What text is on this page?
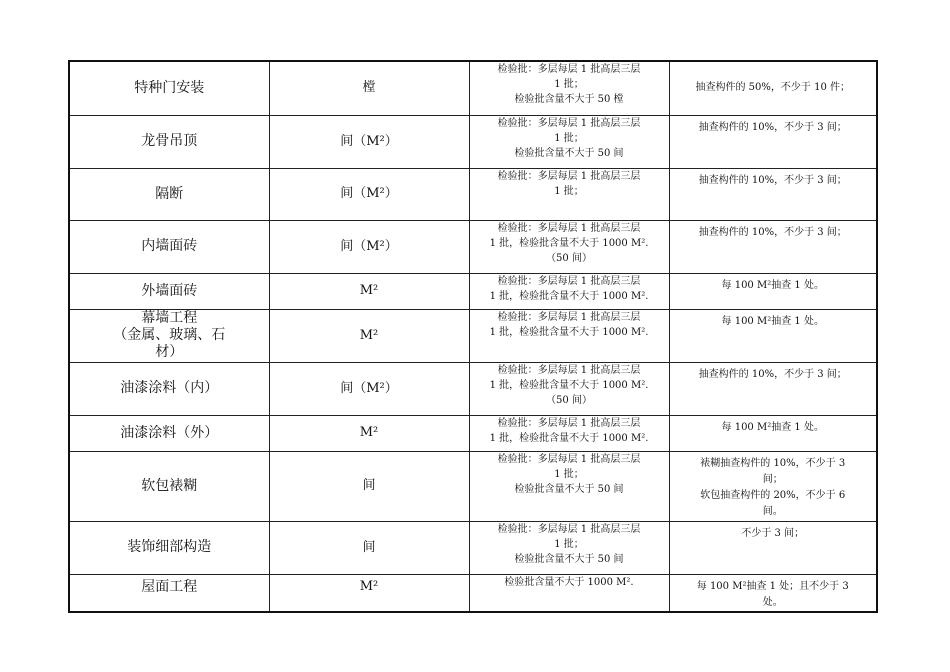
特种门安装	樘	检验批：多层每层 1 批高层三层
1 批；
检验批含量不大于 50 樘	抽查构件的 50%，不少于 10 件；

龙骨吊顶	间（M²）	检验批：多层每层 1 批高层三层
1 批；
检验批含量不大于 50 间	抽查构件的 10%，不少于 3 间；

隔断	间（M²）	检验批：多层每层 1 批高层三层
1 批；	抽查构件的 10%，不少于 3 间；

内墙面砖	间（M²）	检验批：多层每层 1 批高层三层
1 批，检验批含量不大于 1000 M².
（50 间）	抽查构件的 10%，不少于 3 间；

外墙面砖	M²	检验批：多层每层 1 批高层三层
1 批，检验批含量不大于 1000 M².	每 100 M²抽查 1 处。

幕墙工程
（金属、玻璃、石
材）	M²	检验批：多层每层 1 批高层三层
1 批，检验批含量不大于 1000 M².	每 100 M²抽查 1 处。

油漆涂料（内）	间（M²）	检验批：多层每层 1 批高层三层
1 批，检验批含量不大于 1000 M².
（50 间）	抽查构件的 10%，不少于 3 间；

油漆涂料（外）	M²	检验批：多层每层 1 批高层三层
1 批，检验批含量不大于 1000 M².	每 100 M²抽查 1 处。

软包裱糊	间	检验批：多层每层 1 批高层三层
1 批；
检验批含量不大于 50 间	裱糊抽查构件的 10%，不少于 3
间；
软包抽查构件的 20%，不少于 6
间。

装饰细部构造	间	检验批：多层每层 1 批高层三层
1 批；
检验批含量不大于 50 间	不少于 3 间；

屋面工程	M²	检验批含量不大于 1000 M².	每 100 M²抽查 1 处；且不少于 3
处。
